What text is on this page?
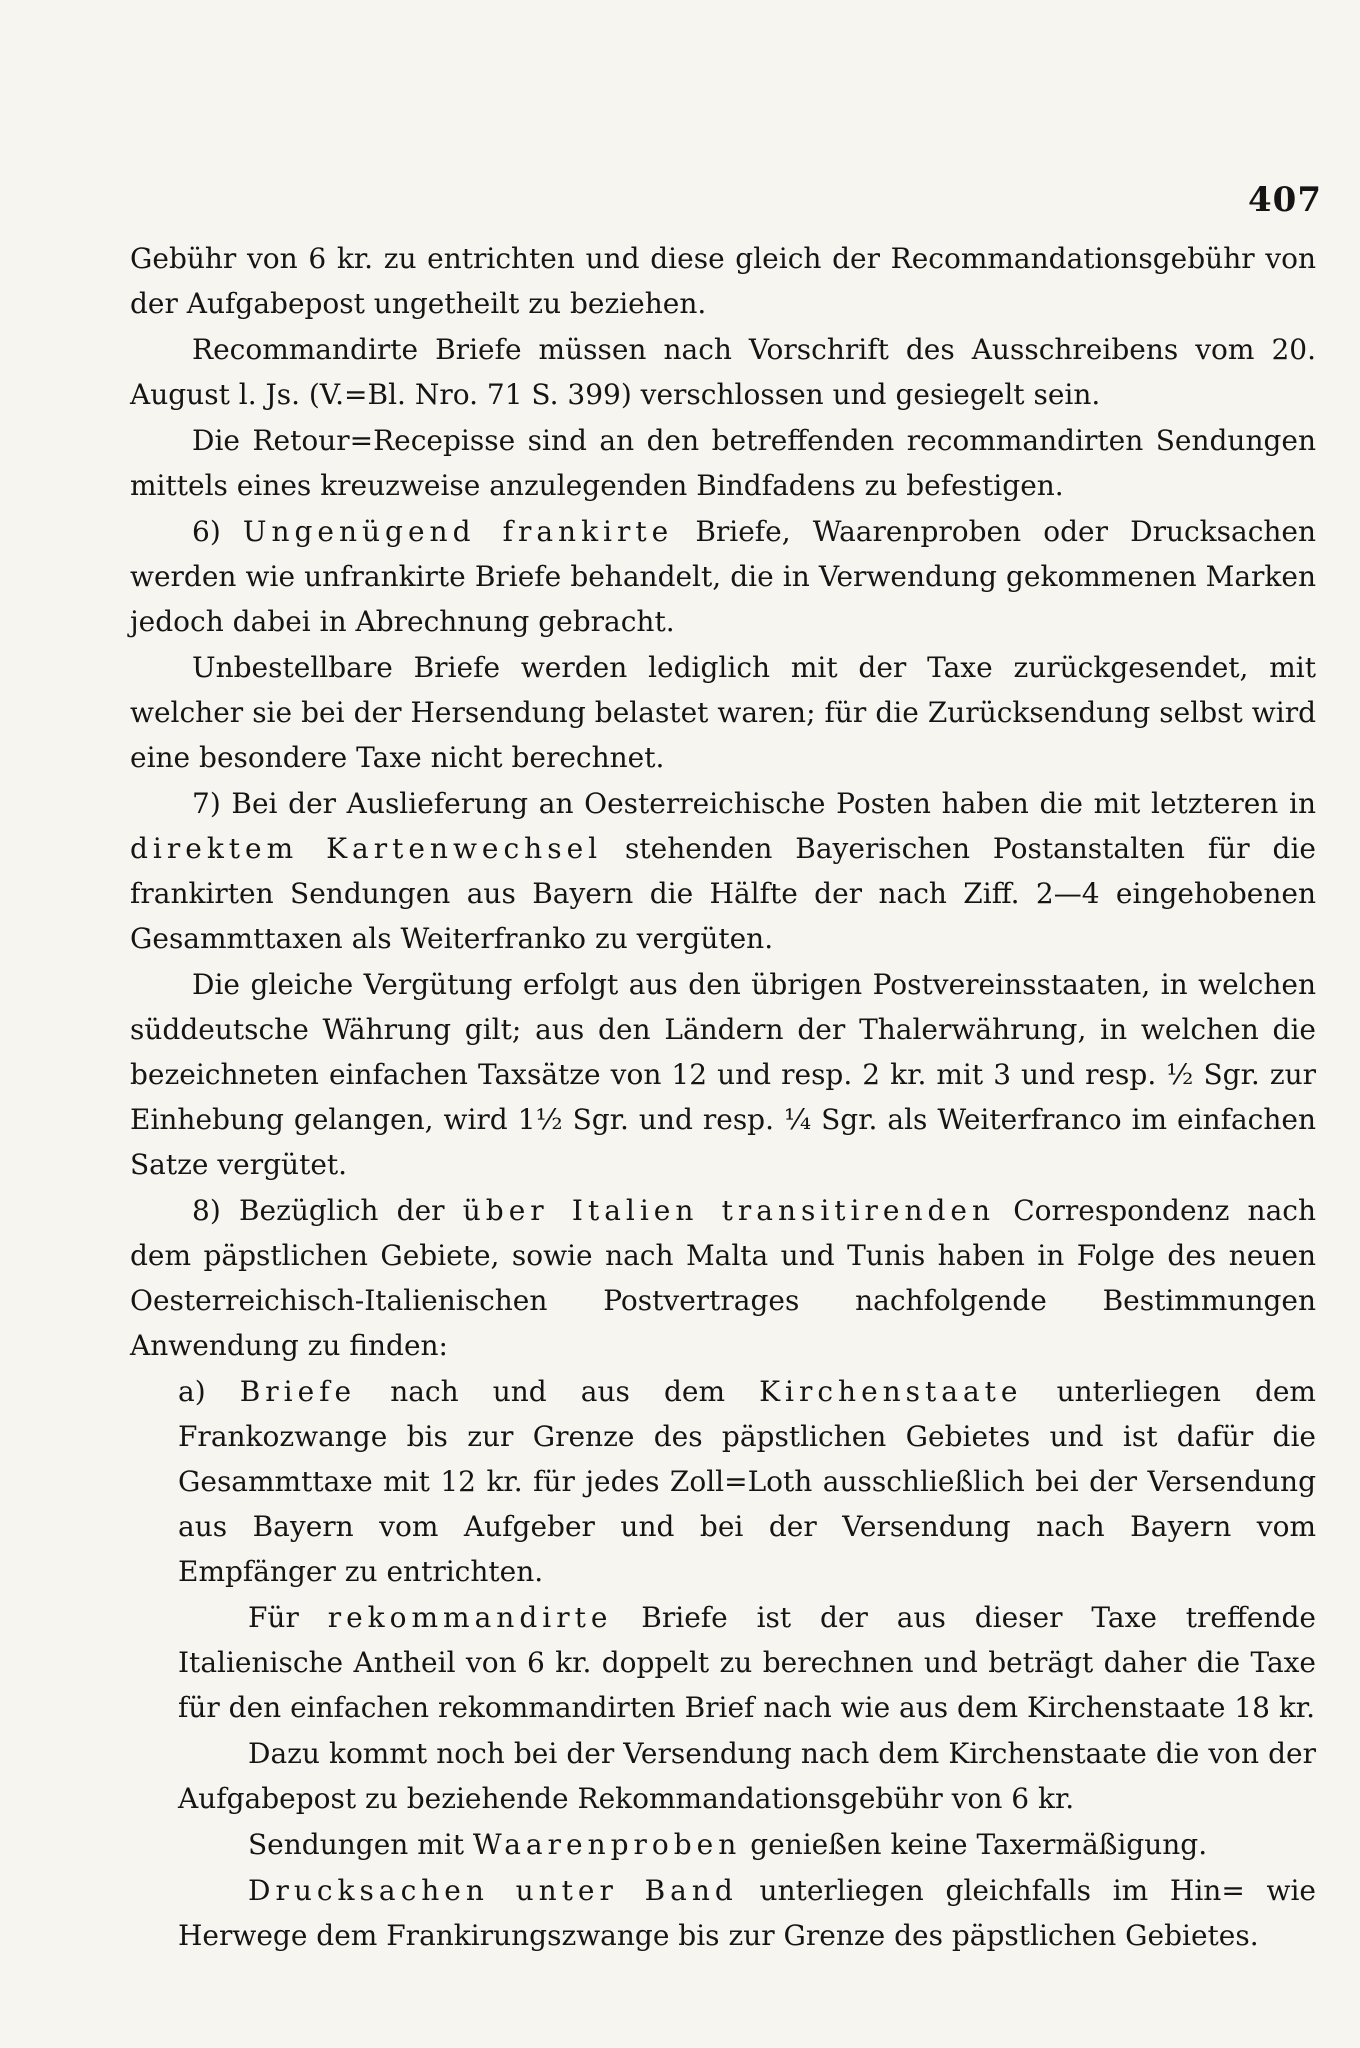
407

Gebühr von 6 kr. zu entrichten und diese gleich der Recommandationsgebühr von der Aufgabepost ungetheilt zu beziehen.

Recommandirte Briefe müssen nach Vorschrift des Ausschreibens vom 20. August l. Js. (V.=Bl. Nro. 71 S. 399) verschlossen und gesiegelt sein.

Die Retour=Recepisse sind an den betreffenden recommandirten Sendungen mittels eines kreuzweise anzulegenden Bindfadens zu befestigen.

6) Ungenügend frankirte Briefe, Waarenproben oder Drucksachen werden wie unfrankirte Briefe behandelt, die in Verwendung gekommenen Marken jedoch dabei in Abrechnung gebracht.

Unbestellbare Briefe werden lediglich mit der Taxe zurückgesendet, mit welcher sie bei der Hersendung belastet waren; für die Zurücksendung selbst wird eine besondere Taxe nicht berechnet.

7) Bei der Auslieferung an Oesterreichische Posten haben die mit letzteren in direktem Kartenwechsel stehenden Bayerischen Postanstalten für die frankirten Sendungen aus Bayern die Hälfte der nach Ziff. 2—4 eingehobenen Gesammttaxen als Weiterfranko zu vergüten.

Die gleiche Vergütung erfolgt aus den übrigen Postvereinsstaaten, in welchen süddeutsche Währung gilt; aus den Ländern der Thalerwährung, in welchen die bezeichneten einfachen Taxsätze von 12 und resp. 2 kr. mit 3 und resp. ½ Sgr. zur Einhebung gelangen, wird 1½ Sgr. und resp. ¼ Sgr. als Weiterfranco im einfachen Satze vergütet.

8) Bezüglich der über Italien transitirenden Correspondenz nach dem päpstlichen Gebiete, sowie nach Malta und Tunis haben in Folge des neuen Oesterreichisch-Italienischen Postvertrages nachfolgende Bestimmungen Anwendung zu finden:

a) Briefe nach und aus dem Kirchenstaate unterliegen dem Frankozwange bis zur Grenze des päpstlichen Gebietes und ist dafür die Gesammttaxe mit 12 kr. für jedes Zoll=Loth ausschließlich bei der Versendung aus Bayern vom Aufgeber und bei der Versendung nach Bayern vom Empfänger zu entrichten.

Für rekommandirte Briefe ist der aus dieser Taxe treffende Italienische Antheil von 6 kr. doppelt zu berechnen und beträgt daher die Taxe für den einfachen rekommandirten Brief nach wie aus dem Kirchenstaate 18 kr.

Dazu kommt noch bei der Versendung nach dem Kirchenstaate die von der Aufgabepost zu beziehende Rekommandationsgebühr von 6 kr.

Sendungen mit Waarenproben genießen keine Taxermäßigung.

Drucksachen unter Band unterliegen gleichfalls im Hin= wie Herwege dem Frankirungszwange bis zur Grenze des päpstlichen Gebietes.
